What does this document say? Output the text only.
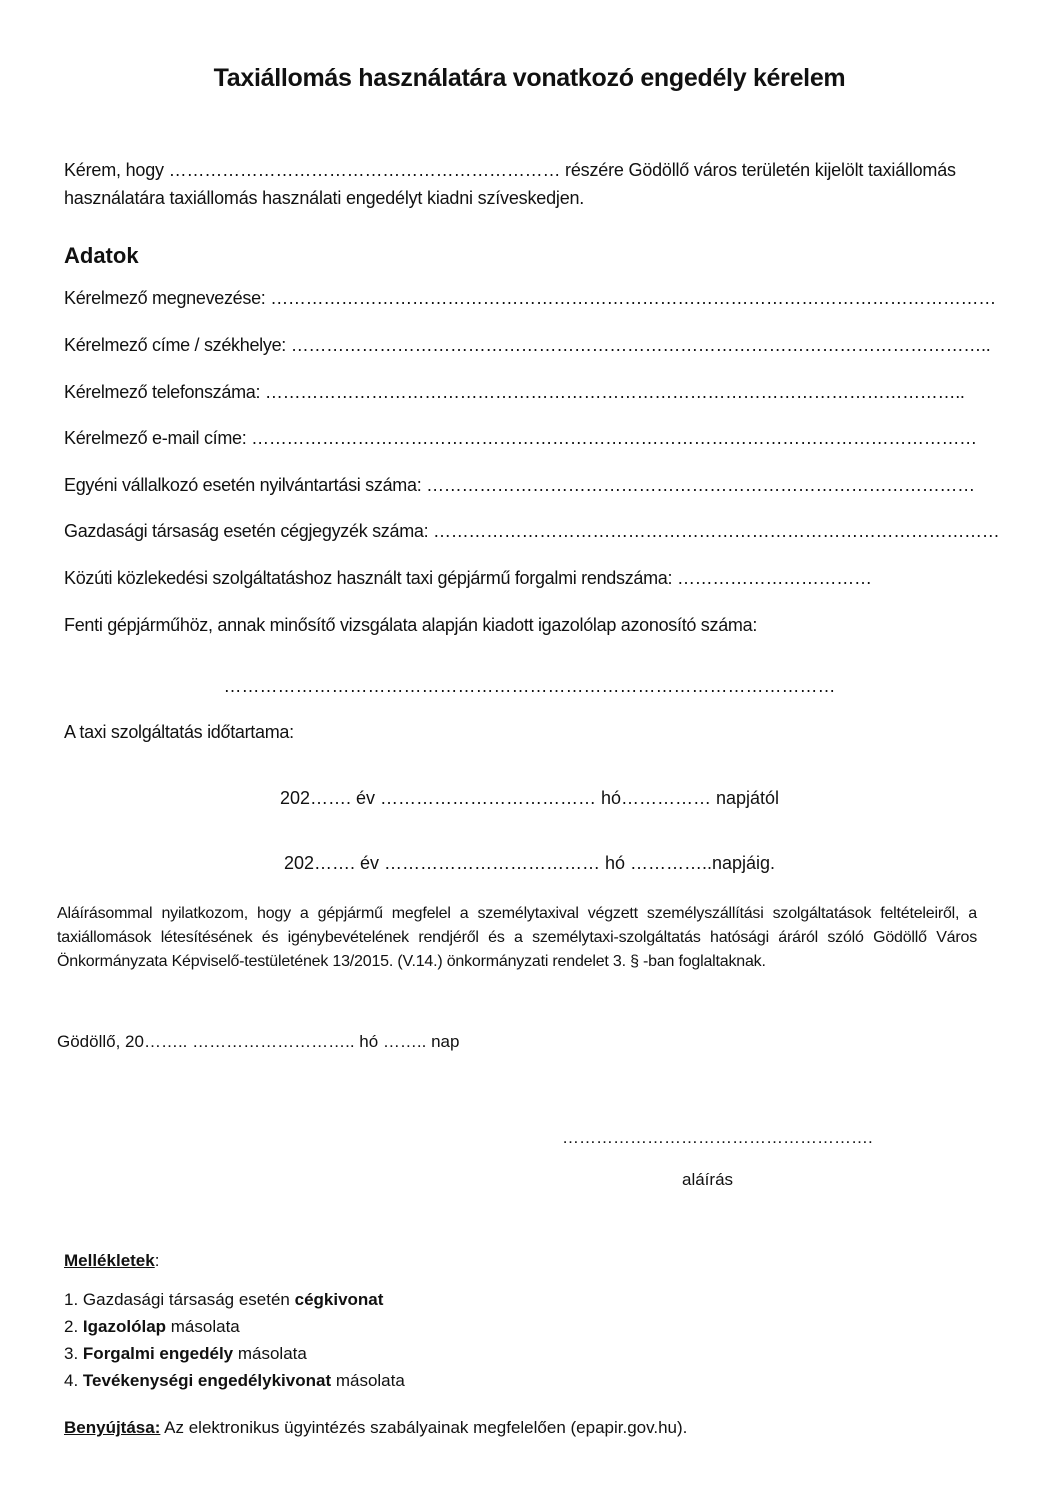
Taxiállomás használatára vonatkozó engedély kérelem
Kérem, hogy ………………………………………………………… részére Gödöllő város területén kijelölt taxiállomás
használatára taxiállomás használati engedélyt kiadni szíveskedjen.
Adatok
Kérelmező megnevezése: ……………………………………………………………………………………………………………
Kérelmező címe / székhelye: ………………………………………………………………………………………………………..
Kérelmező telefonszáma: ………………………………………………………………………………………………………..
Kérelmező e-mail címe: ……………………………………………………………………………………………………………
Egyéni vállalkozó esetén nyilvántartási száma: …………………………………………………………………………………
Gazdasági társaság esetén cégjegyzék száma: ……………………………………………………………………………………
Közúti közlekedési szolgáltatáshoz használt taxi gépjármű forgalmi rendszáma: ……………………………
Fenti gépjárműhöz, annak minősítő vizsgálata alapján kiadott igazolólap azonosító száma:
…………………………………………………………………………………………
A taxi szolgáltatás időtartama:
202……. év ……………………………… hó…………… napjától
202……. év ……………………………… hó …………..napjáig.
Aláírásommal nyilatkozom, hogy a gépjármű megfelel a személytaxival végzett személyszállítási szolgáltatások feltételeiről, a taxiállomások létesítésének és igénybevételének rendjéről és a személytaxi-szolgáltatás hatósági áráról szóló Gödöllő Város Önkormányzata Képviselő-testületének 13/2015. (V.14.) önkormányzati rendelet 3. § -ban foglaltaknak.
Gödöllő, 20…….. ……………………….. hó …….. nap
……………………………………………….
aláírás
Mellékletek:
1. Gazdasági társaság esetén cégkivonat
2. Igazolólap másolata
3. Forgalmi engedély másolata
4. Tevékenységi engedélykivonat másolata
Benyújtása: Az elektronikus ügyintézés szabályainak megfelelően (epapir.gov.hu).
